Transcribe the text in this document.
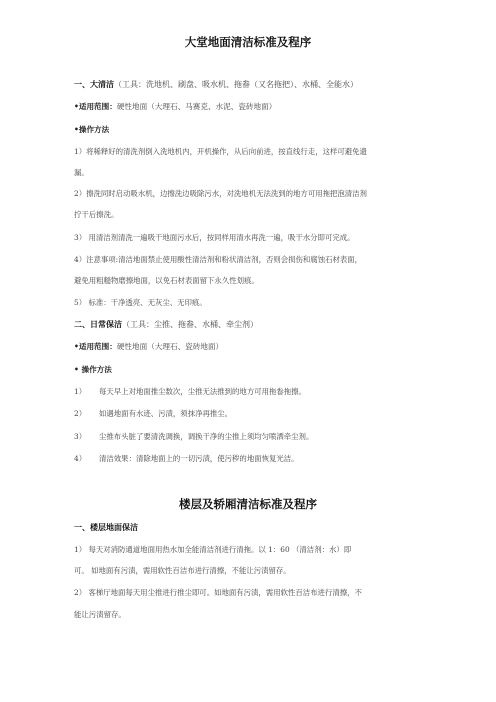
大堂地面清洁标准及程序
一、大清洁（工具：洗地机、刷盘、吸水机、拖畚（又名拖把）、水桶、全能水）
•适用范围：硬性地面（大理石、马赛克、水泥、瓷砖地面）
•操作方法
1）将稀释好的清洗剂倒入洗地机内，开机操作，从后向前进，按直线行走，这样可避免遗
漏。
2）擦洗同时启动吸水机，边擦洗边吸除污水，对洗地机无法洗到的地方可用拖把泡清洁剂
拧干后擦洗。
3） 用清洁剂清洗一遍吸干地面污水后，按同样用清水再洗一遍，吸干水分即可完成。
4）注意事项:清洁地面禁止使用酸性清洁剂和粉状清洁剂，否则会损伤和腐蚀石材表面，
避免用粗糙物磨擦地面，以免石材表面留下永久性划痕。
5） 标准：干净透亮、无灰尘、无印痕。
二、日常保洁（工具：尘推、拖畚、水桶、牵尘剂）
•适用范围：硬性地面（大理石、瓷砖地面）
• 操作方法
1） 每天早上对地面推尘数次，尘推无法推到的地方可用拖畚拖擦。
2） 如遇地面有水迹、污渍，须抹净再推尘。
3） 尘推布头脏了要清洗调换，调换干净的尘推上须均匀喷洒牵尘剂。
4） 清洁效果：清除地面上的一切污渍，使污秽的地面恢复光洁。
楼层及轿厢清洁标准及程序
一、楼层地面保洁
1） 每天对消防通道地面用热水加全能清洁剂进行清拖。以 1：60 （清洁剂：水）即
可。 如地面有污渍，需用软性百洁布进行清擦，不能让污渍留存。
2） 客梯厅地面每天用尘推进行推尘即可。如地面有污渍，需用软性百洁布进行清擦，不
能让污渍留存。
